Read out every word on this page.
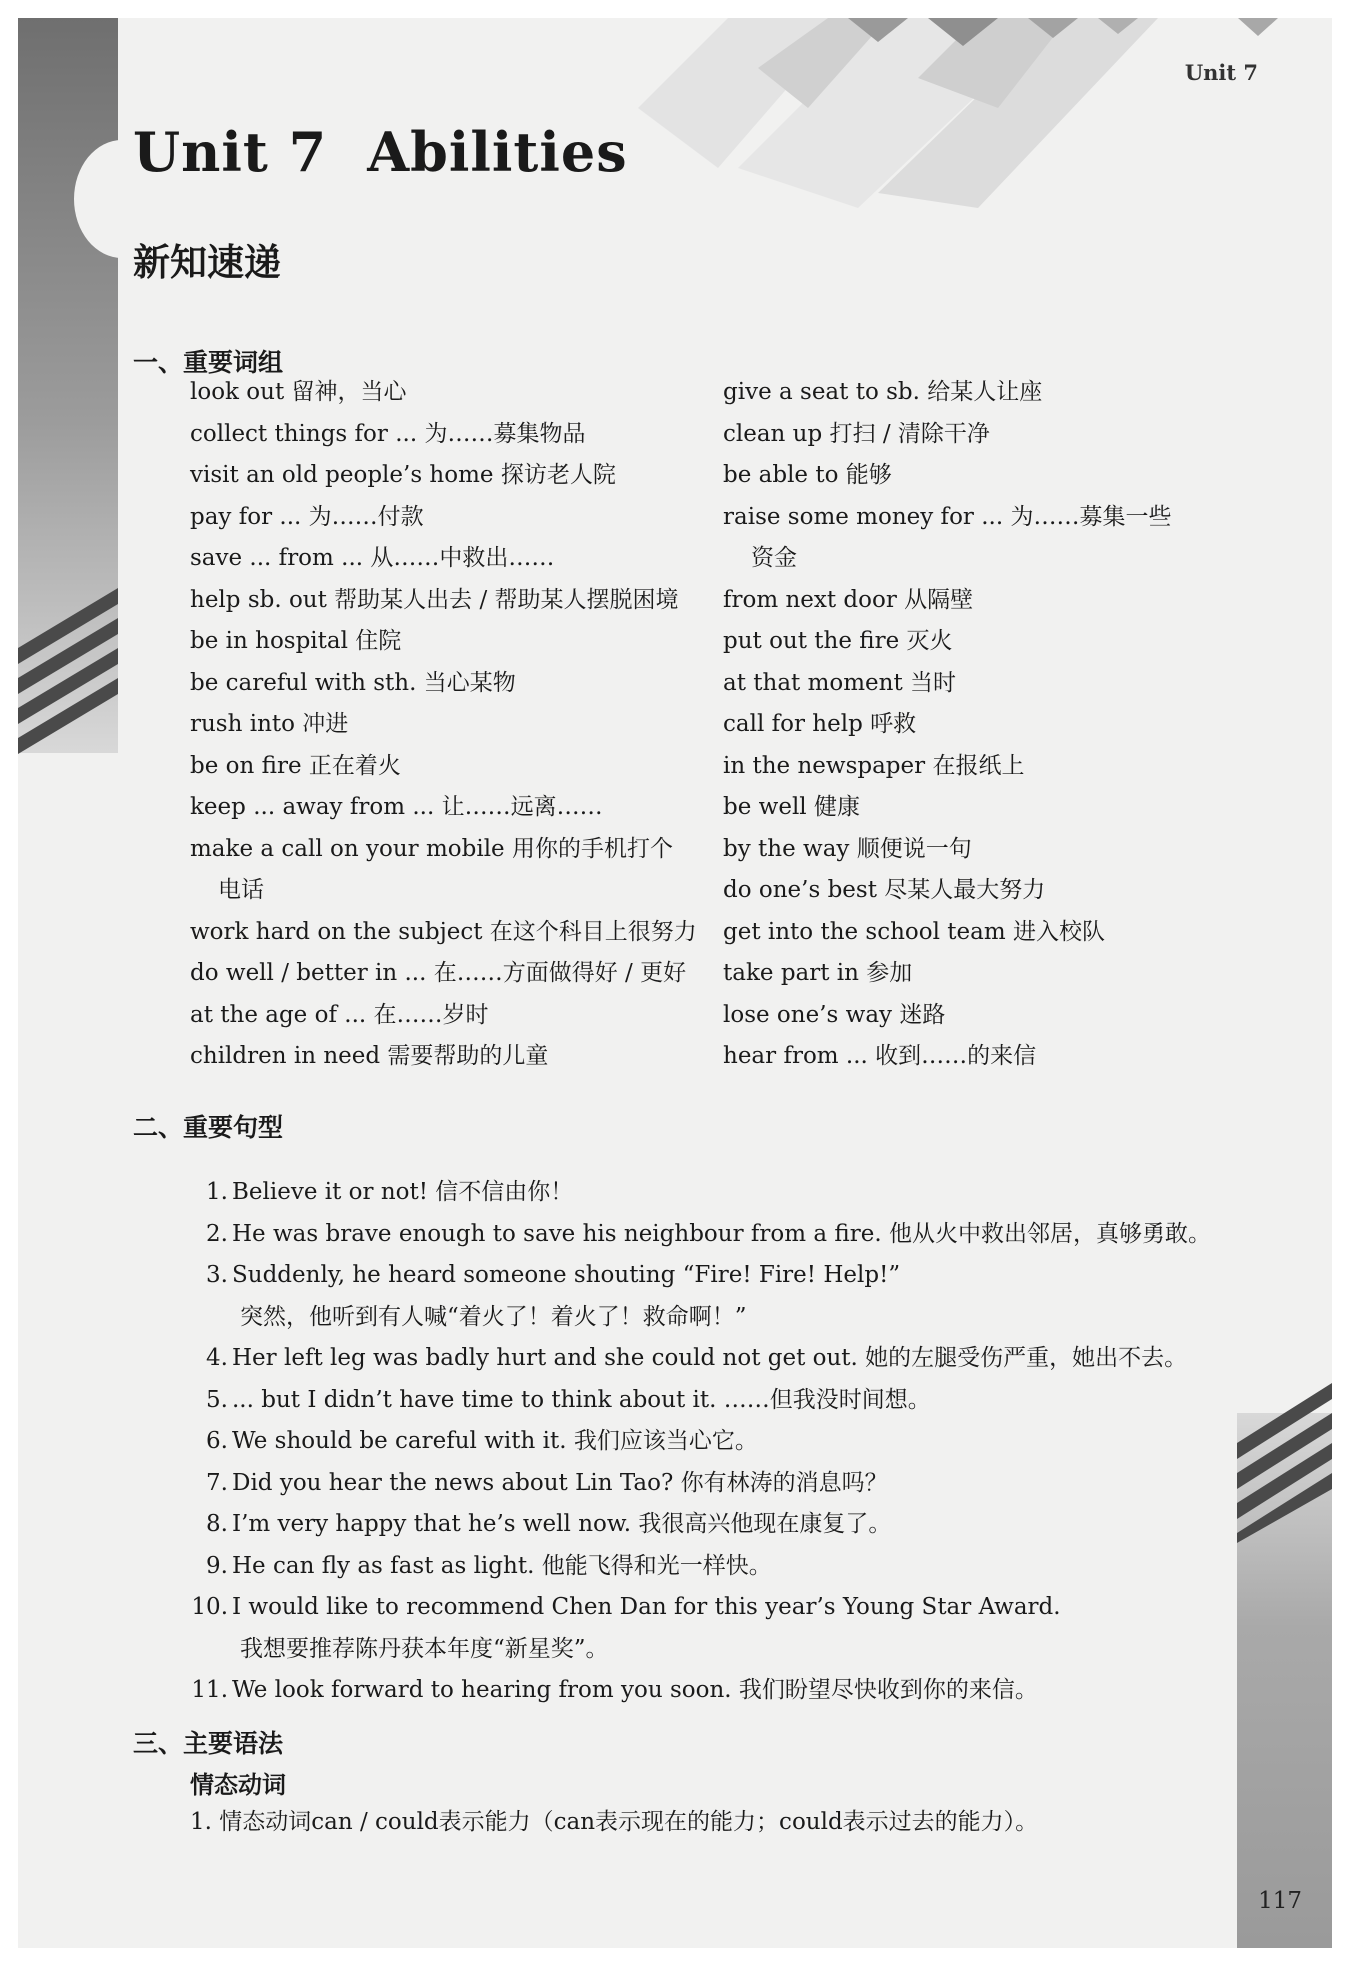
Unit 7
Unit 7 Abilities
新知速递
一、重要词组
look out 留神，当心
collect things for ... 为……募集物品
visit an old people’s home 探访老人院
pay for ... 为……付款
save ... from ... 从……中救出……
help sb. out 帮助某人出去 / 帮助某人摆脱困境
be in hospital 住院
be careful with sth. 当心某物
rush into 冲进
be on fire 正在着火
keep ... away from ... 让……远离……
make a call on your mobile 用你的手机打个
电话
work hard on the subject 在这个科目上很努力
do well / better in ... 在……方面做得好 / 更好
at the age of ... 在……岁时
children in need 需要帮助的儿童
give a seat to sb. 给某人让座
clean up 打扫 / 清除干净
be able to 能够
raise some money for ... 为……募集一些
资金
from next door 从隔壁
put out the fire 灭火
at that moment 当时
call for help 呼救
in the newspaper 在报纸上
be well 健康
by the way 顺便说一句
do one’s best 尽某人最大努力
get into the school team 进入校队
take part in 参加
lose one’s way 迷路
hear from ... 收到……的来信
二、重要句型
1. Believe it or not! 信不信由你！
2. He was brave enough to save his neighbour from a fire. 他从火中救出邻居，真够勇敢。
3. Suddenly, he heard someone shouting “Fire! Fire! Help!”
突然，他听到有人喊“着火了！着火了！救命啊！”
4. Her left leg was badly hurt and she could not get out. 她的左腿受伤严重，她出不去。
5. ... but I didn’t have time to think about it. ……但我没时间想。
6. We should be careful with it. 我们应该当心它。
7. Did you hear the news about Lin Tao? 你有林涛的消息吗？
8. I’m very happy that he’s well now. 我很高兴他现在康复了。
9. He can fly as fast as light. 他能飞得和光一样快。
10. I would like to recommend Chen Dan for this year’s Young Star Award.
我想要推荐陈丹获本年度“新星奖”。
11. We look forward to hearing from you soon. 我们盼望尽快收到你的来信。
三、主要语法
情态动词
1. 情态动词can / could表示能力（can表示现在的能力；could表示过去的能力）。
117
